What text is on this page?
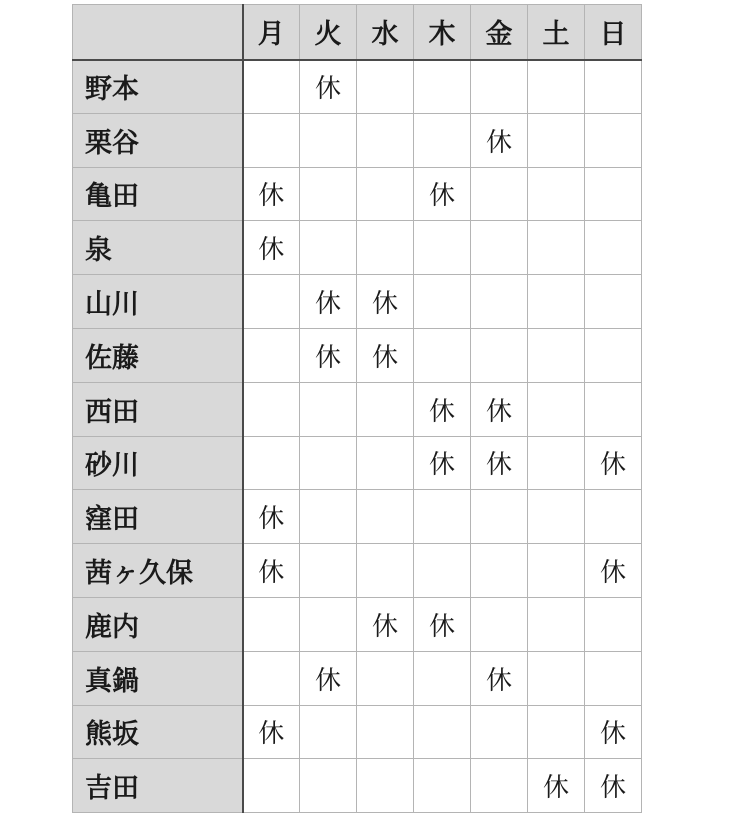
	月	火	水	木	金	土	日
野本		休					
栗谷					休		
亀田	休			休			
泉	休						
山川		休	休				
佐藤		休	休				
西田				休	休		
砂川				休	休		休
窪田	休						
茜ヶ久保	休						休
鹿内			休	休			
真鍋		休			休		
熊坂	休						休
吉田						休	休
